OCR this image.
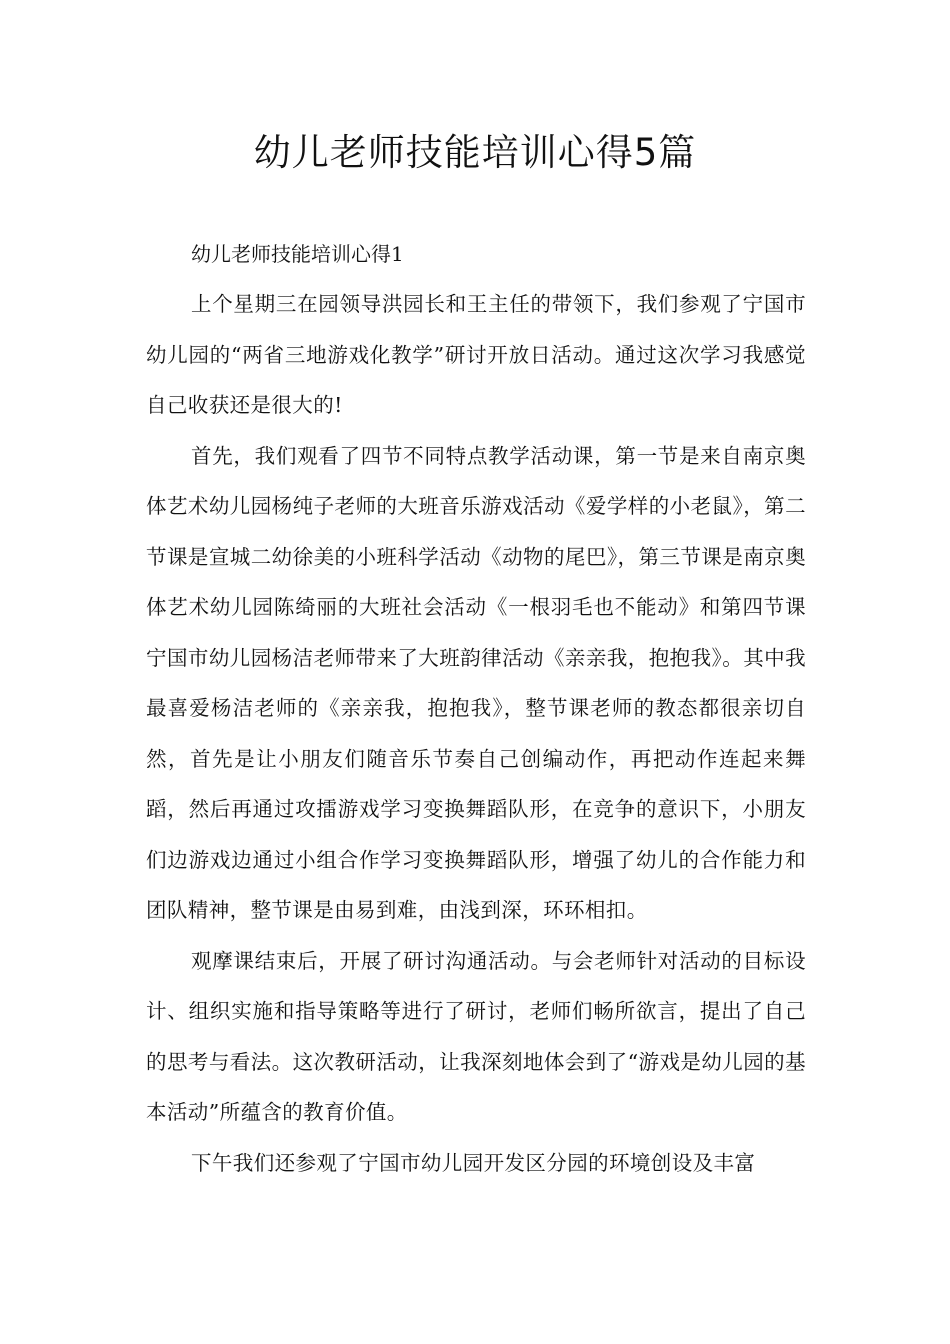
幼儿老师技能培训心得5篇

幼儿老师技能培训心得1

上个星期三在园领导洪园长和王主任的带领下，我们参观了宁国市幼儿园的“两省三地游戏化教学”研讨开放日活动。通过这次学习我感觉自己收获还是很大的!

首先，我们观看了四节不同特点教学活动课，第一节是来自南京奥体艺术幼儿园杨纯子老师的大班音乐游戏活动《爱学样的小老鼠》，第二节课是宣城二幼徐美的小班科学活动《动物的尾巴》，第三节课是南京奥体艺术幼儿园陈绮丽的大班社会活动《一根羽毛也不能动》和第四节课宁国市幼儿园杨洁老师带来了大班韵律活动《亲亲我，抱抱我》。其中我最喜爱杨洁老师的《亲亲我，抱抱我》，整节课老师的教态都很亲切自然，首先是让小朋友们随音乐节奏自己创编动作，再把动作连起来舞蹈，然后再通过攻擂游戏学习变换舞蹈队形，在竞争的意识下，小朋友们边游戏边通过小组合作学习变换舞蹈队形，增强了幼儿的合作能力和团队精神，整节课是由易到难，由浅到深，环环相扣。

观摩课结束后，开展了研讨沟通活动。与会老师针对活动的目标设计、组织实施和指导策略等进行了研讨，老师们畅所欲言，提出了自己的思考与看法。这次教研活动，让我深刻地体会到了“游戏是幼儿园的基本活动”所蕴含的教育价值。

下午我们还参观了宁国市幼儿园开发区分园的环境创设及丰富
